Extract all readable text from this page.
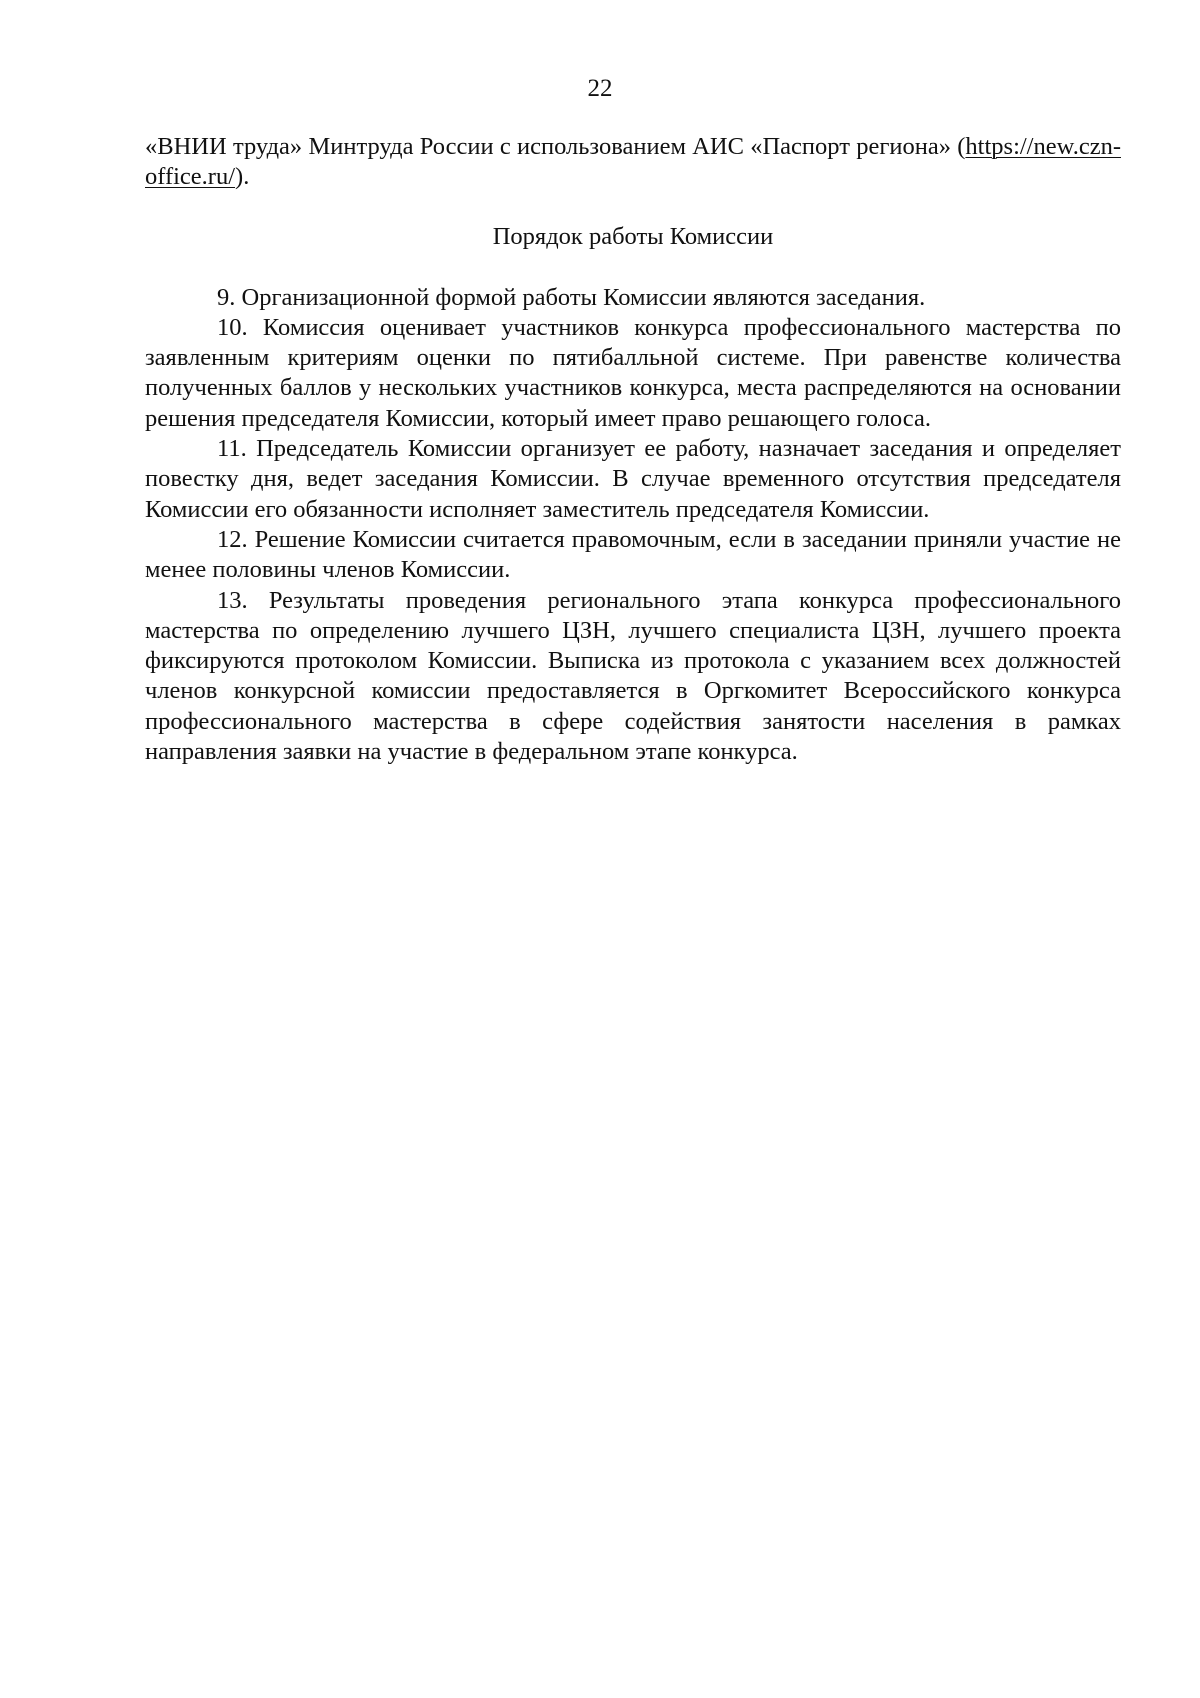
22

«ВНИИ труда» Минтруда России с использованием АИС «Паспорт региона» (https://new.czn-office.ru/).

Порядок работы Комиссии

9. Организационной формой работы Комиссии являются заседания.

10. Комиссия оценивает участников конкурса профессионального мастерства по заявленным критериям оценки по пятибалльной системе. При равенстве количества полученных баллов у нескольких участников конкурса, места распределяются на основании решения председателя Комиссии, который имеет право решающего голоса.

11. Председатель Комиссии организует ее работу, назначает заседания и определяет повестку дня, ведет заседания Комиссии. В случае временного отсутствия председателя Комиссии его обязанности исполняет заместитель председателя Комиссии.

12. Решение Комиссии считается правомочным, если в заседании приняли участие не менее половины членов Комиссии.

13. Результаты проведения регионального этапа конкурса профессионального мастерства по определению лучшего ЦЗН, лучшего специалиста ЦЗН, лучшего проекта фиксируются протоколом Комиссии. Выписка из протокола с указанием всех должностей членов конкурсной комиссии предоставляется в Оргкомитет Всероссийского конкурса профессионального мастерства в сфере содействия занятости населения в рамках направления заявки на участие в федеральном этапе конкурса.
